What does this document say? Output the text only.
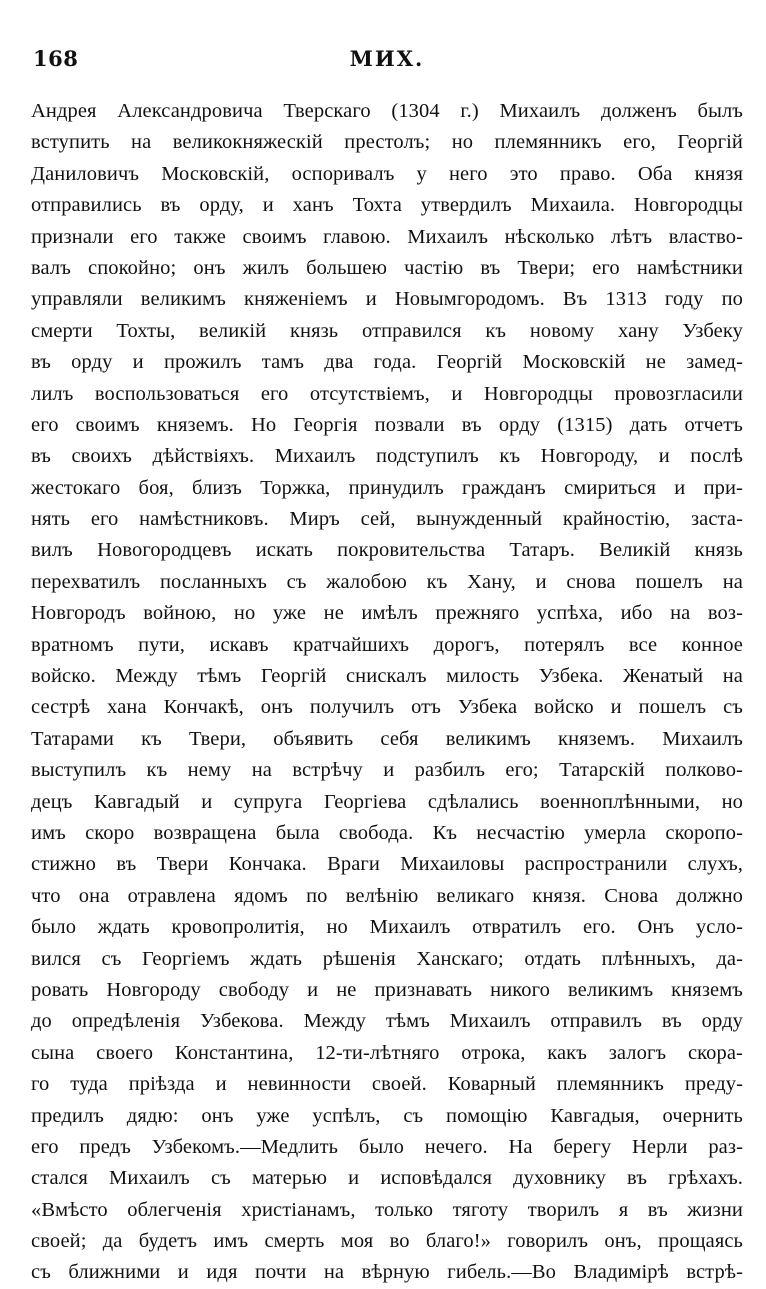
168	МИХ.
Андрея Александровича Тверскаго (1304 г.) Михаилъ долженъ былъ
вступить на великокняжескій престолъ; но племянникъ его, Георгій
Даниловичъ Московскій, оспоривалъ у него это право. Оба князя
отправились въ орду, и ханъ Тохта утвердилъ Михаила. Новгородцы
признали его также своимъ главою. Михаилъ нѣсколько лѣтъ властво-
валъ спокойно; онъ жилъ большею частію въ Твери; его намѣстники
управляли великимъ княженіемъ и Новымгородомъ. Въ 1313 году по
смерти Тохты, великій князь отправился къ новому хану Узбеку
въ орду и прожилъ тамъ два года. Георгій Московскій не замед-
лилъ воспользоваться его отсутствіемъ, и Новгородцы провозгласили
его своимъ княземъ. Но Георгія позвали въ орду (1315) дать отчетъ
въ своихъ дѣйствіяхъ. Михаилъ подступилъ къ Новгороду, и послѣ
жестокаго боя, близъ Торжка, принудилъ гражданъ смириться и при-
нять его намѣстниковъ. Миръ сей, вынужденный крайностію, заста-
вилъ Новогородцевъ искать покровительства Татаръ. Великій князь
перехватилъ посланныхъ съ жалобою къ Хану, и снова пошелъ на
Новгородъ войною, но уже не имѣлъ прежняго успѣха, ибо на воз-
вратномъ пути, искавъ кратчайшихъ дорогъ, потерялъ все конное
войско. Между тѣмъ Георгій снискалъ милость Узбека. Женатый на
сестрѣ хана Кончакѣ, онъ получилъ отъ Узбека войско и пошелъ съ
Татарами къ Твери, объявить себя великимъ княземъ. Михаилъ
выступилъ къ нему на встрѣчу и разбилъ его; Татарскій полково-
децъ Кавгадый и супруга Георгіева сдѣлались военноплѣнными, но
имъ скоро возвращена была свобода. Къ несчастію умерла скоропо-
стижно въ Твери Кончака. Враги Михаиловы распространили слухъ,
что она отравлена ядомъ по велѣнію великаго князя. Снова должно
было ждать кровопролитія, но Михаилъ отвратилъ его. Онъ усло-
вился съ Георгіемъ ждать рѣшенія Ханскаго; отдать плѣнныхъ, да-
ровать Новгороду свободу и не признавать никого великимъ княземъ
до опредѣленія Узбекова. Между тѣмъ Михаилъ отправилъ въ орду
сына своего Константина, 12-ти-лѣтняго отрока, какъ залогъ скора-
го туда пріѣзда и невинности своей. Коварный племянникъ преду-
предилъ дядю: онъ уже успѣлъ, съ помощію Кавгадыя, очернить
его предъ Узбекомъ.—Медлить было нечего. На берегу Нерли раз-
стался Михаилъ съ матерью и исповѣдался духовнику въ грѣхахъ.
«Вмѣсто облегченія христіанамъ, только тяготу творилъ я въ жизни
своей; да будетъ имъ смерть моя во благо!» говорилъ онъ, прощаясь
съ ближними и идя почти на вѣрную гибель.—Во Владимірѣ встрѣ-
